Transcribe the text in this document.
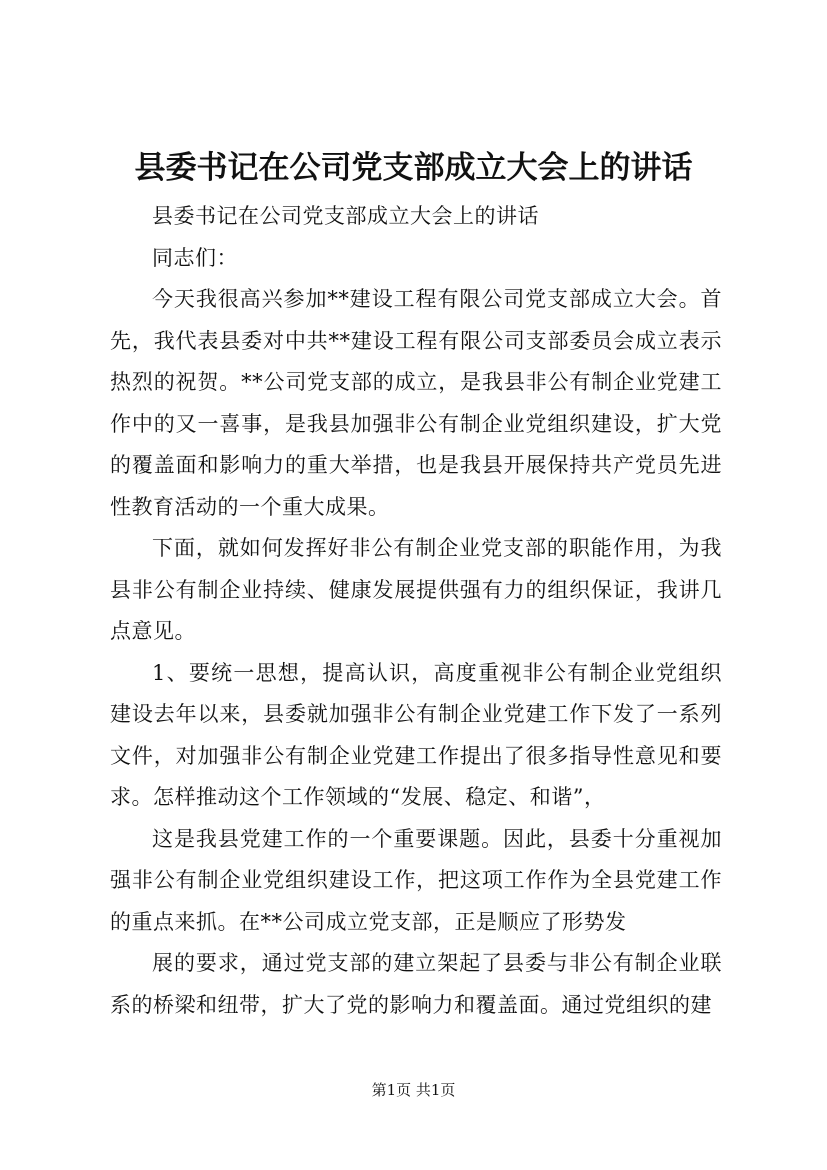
县委书记在公司党支部成立大会上的讲话

县委书记在公司党支部成立大会上的讲话

同志们：

今天我很高兴参加**建设工程有限公司党支部成立大会。首先，我代表县委对中共**建设工程有限公司支部委员会成立表示热烈的祝贺。**公司党支部的成立，是我县非公有制企业党建工作中的又一喜事，是我县加强非公有制企业党组织建设，扩大党的覆盖面和影响力的重大举措，也是我县开展保持共产党员先进性教育活动的一个重大成果。

下面，就如何发挥好非公有制企业党支部的职能作用，为我县非公有制企业持续、健康发展提供强有力的组织保证，我讲几点意见。

1、要统一思想，提高认识，高度重视非公有制企业党组织建设去年以来，县委就加强非公有制企业党建工作下发了一系列文件，对加强非公有制企业党建工作提出了很多指导性意见和要求。怎样推动这个工作领域的“发展、稳定、和谐”，

这是我县党建工作的一个重要课题。因此，县委十分重视加强非公有制企业党组织建设工作，把这项工作作为全县党建工作的重点来抓。在**公司成立党支部，正是顺应了形势发

展的要求，通过党支部的建立架起了县委与非公有制企业联系的桥梁和纽带，扩大了党的影响力和覆盖面。通过党组织的建

第1页 共1页
